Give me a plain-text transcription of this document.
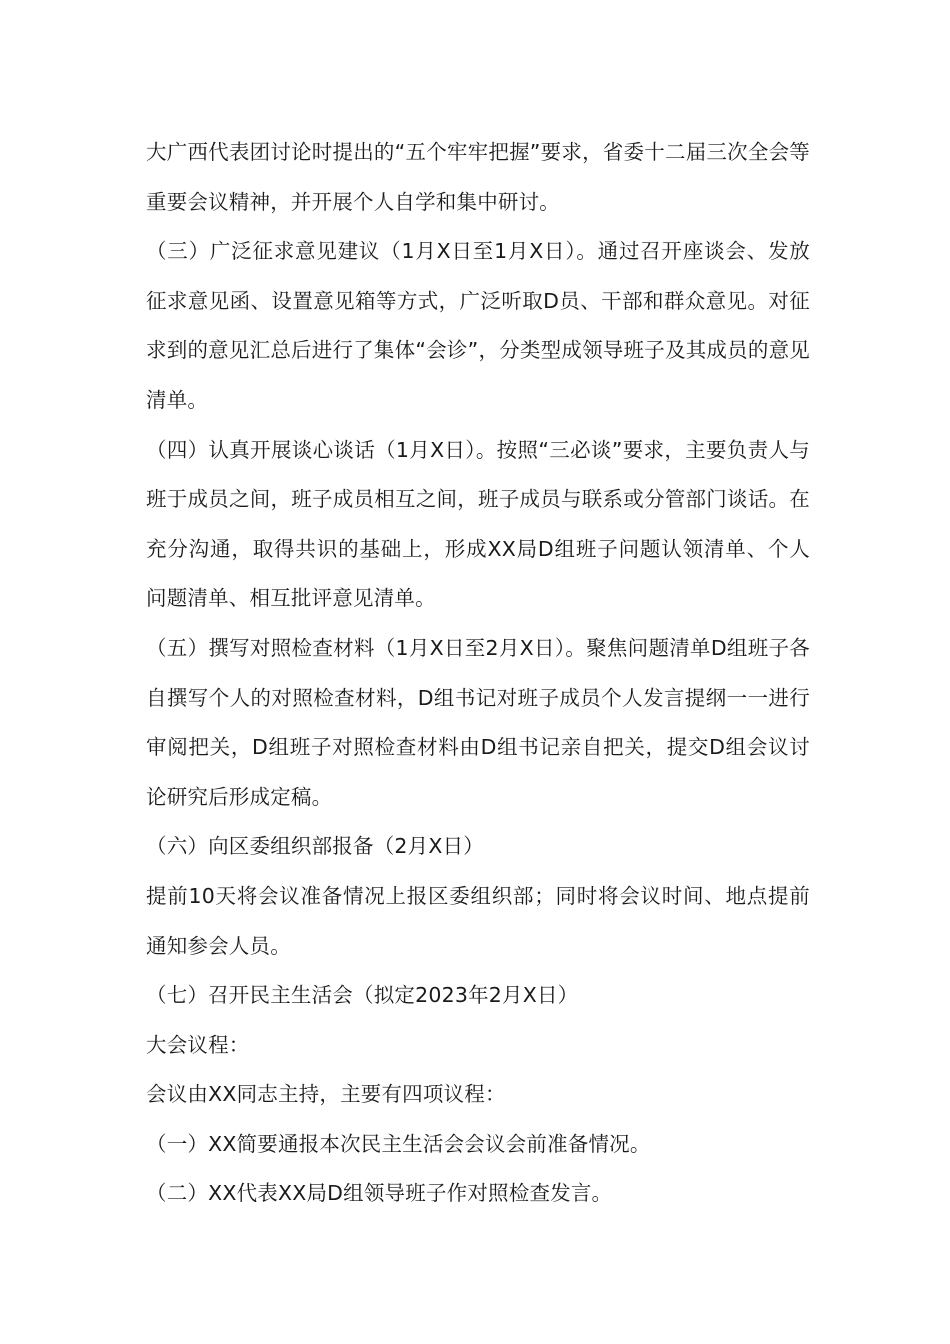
大广西代表团讨论时提出的“五个牢牢把握”要求，省委十二届三次全会等重要会议精神，并开展个人自学和集中研讨。

（三）广泛征求意见建议（1月X日至1月X日）。通过召开座谈会、发放征求意见函、设置意见箱等方式，广泛听取D员、干部和群众意见。对征求到的意见汇总后进行了集体“会诊”，分类型成领导班子及其成员的意见清单。

（四）认真开展谈心谈话（1月X日）。按照“三必谈”要求，主要负责人与班于成员之间，班子成员相互之间，班子成员与联系或分管部门谈话。在充分沟通，取得共识的基础上，形成XX局D组班子问题认领清单、个人问题清单、相互批评意见清单。

（五）撰写对照检查材料（1月X日至2月X日）。聚焦问题清单D组班子各自撰写个人的对照检查材料，D组书记对班子成员个人发言提纲一一进行审阅把关，D组班子对照检查材料由D组书记亲自把关，提交D组会议讨论研究后形成定稿。

（六）向区委组织部报备（2月X日）

提前10天将会议准备情况上报区委组织部；同时将会议时间、地点提前通知参会人员。

（七）召开民主生活会（拟定2023年2月X日）

大会议程：

会议由XX同志主持，主要有四项议程：

（一）XX简要通报本次民主生活会会议会前准备情况。

（二）XX代表XX局D组领导班子作对照检查发言。
